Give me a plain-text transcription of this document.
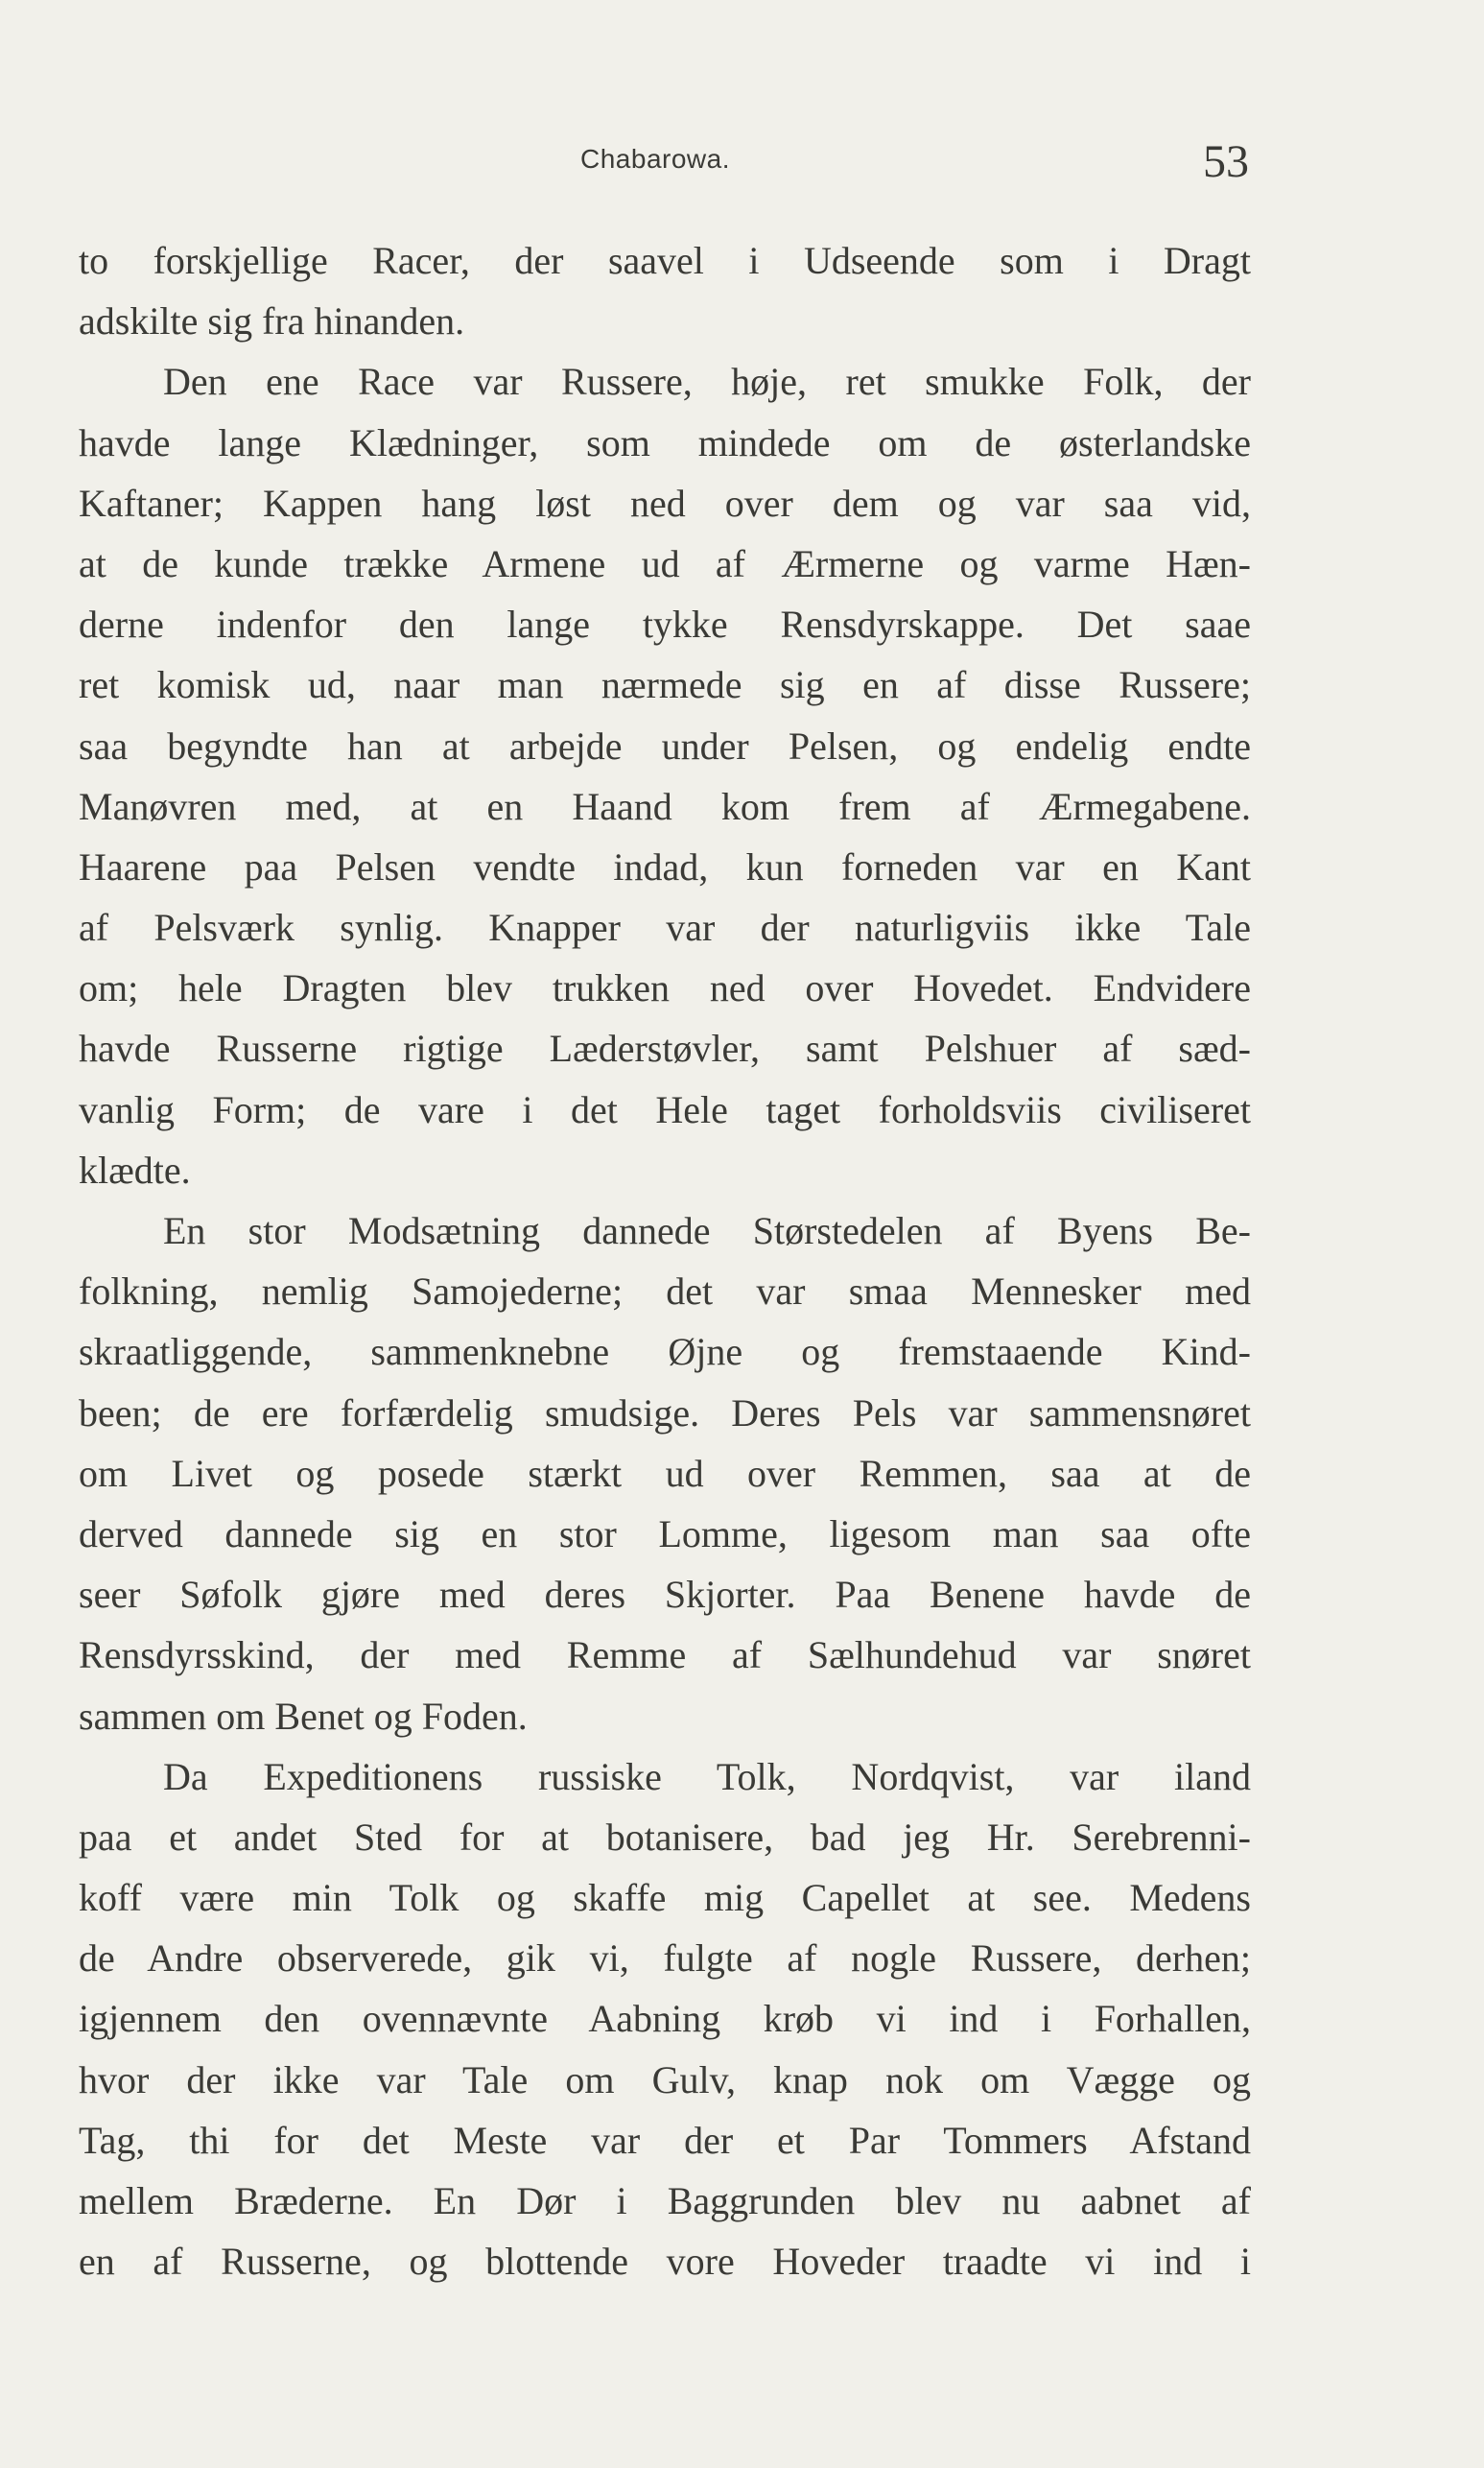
Chabarowa.	53
to forskjellige Racer, der saavel i Udseende som i Dragt
adskilte sig fra hinanden.
Den ene Race var Russere, høje, ret smukke Folk, der
havde lange Klædninger, som mindede om de østerlandske
Kaftaner; Kappen hang løst ned over dem og var saa vid,
at de kunde trække Armene ud af Ærmerne og varme Hæn-
derne indenfor den lange tykke Rensdyrskappe. Det saae
ret komisk ud, naar man nærmede sig en af disse Russere;
saa begyndte han at arbejde under Pelsen, og endelig endte
Manøvren med, at en Haand kom frem af Ærmegabene.
Haarene paa Pelsen vendte indad, kun forneden var en Kant
af Pelsværk synlig. Knapper var der naturligviis ikke Tale
om; hele Dragten blev trukken ned over Hovedet. Endvidere
havde Russerne rigtige Læderstøvler, samt Pelshuer af sæd-
vanlig Form; de vare i det Hele taget forholdsviis civiliseret
klædte.
En stor Modsætning dannede Størstedelen af Byens Be-
folkning, nemlig Samojederne; det var smaa Mennesker med
skraatliggende, sammenknebne Øjne og fremstaaende Kind-
been; de ere forfærdelig smudsige. Deres Pels var sammensnøret
om Livet og posede stærkt ud over Remmen, saa at de
derved dannede sig en stor Lomme, ligesom man saa ofte
seer Søfolk gjøre med deres Skjorter. Paa Benene havde de
Rensdyrsskind, der med Remme af Sælhundehud var snøret
sammen om Benet og Foden.
Da Expeditionens russiske Tolk, Nordqvist, var iland
paa et andet Sted for at botanisere, bad jeg Hr. Serebrenni-
koff være min Tolk og skaffe mig Capellet at see. Medens
de Andre observerede, gik vi, fulgte af nogle Russere, derhen;
igjennem den ovennævnte Aabning krøb vi ind i Forhallen,
hvor der ikke var Tale om Gulv, knap nok om Vægge og
Tag, thi for det Meste var der et Par Tommers Afstand
mellem Bræderne. En Dør i Baggrunden blev nu aabnet af
en af Russerne, og blottende vore Hoveder traadte vi ind i
